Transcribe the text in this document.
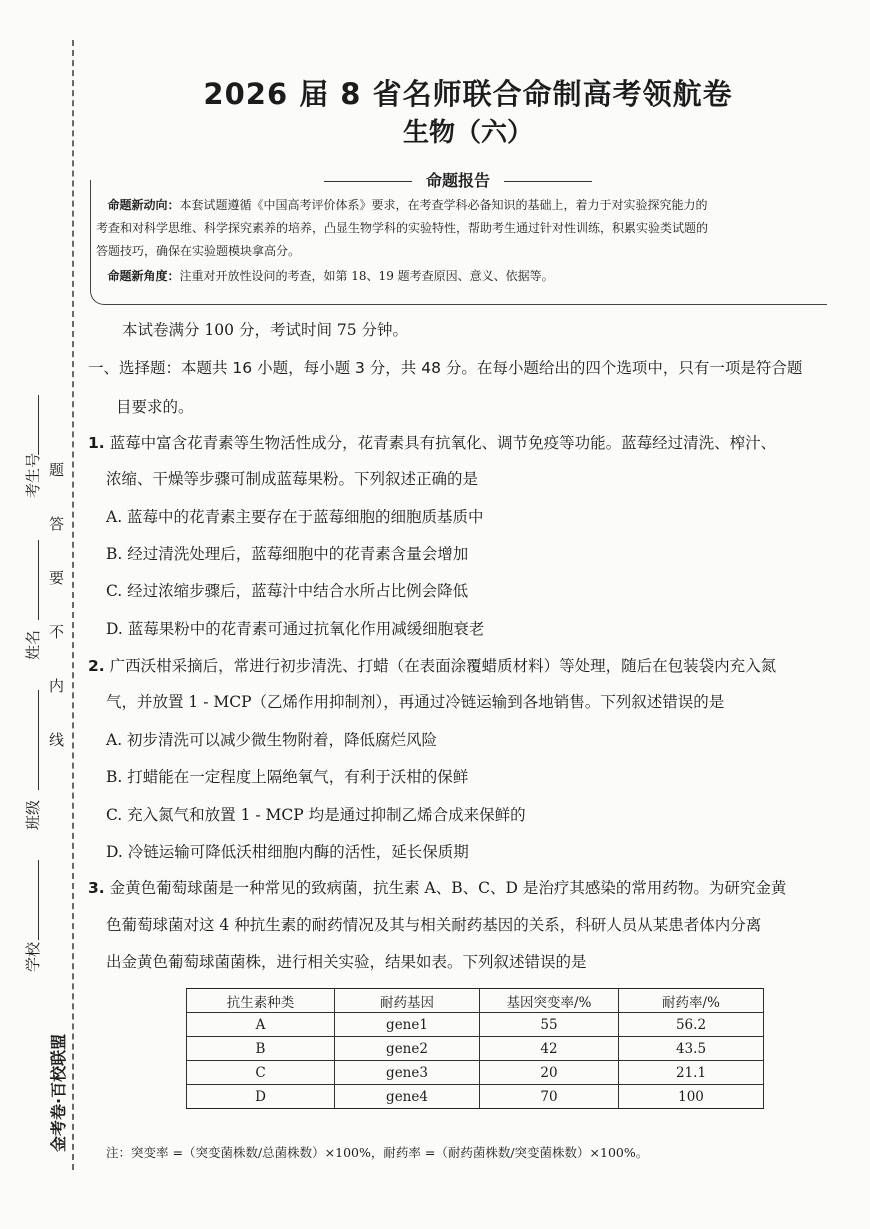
考生号
姓名
班级
学校
题答要不内线
金考卷·百校联盟
2026 届 8 省名师联合命制高考领航卷
生物（六）
命题报告
命题新动向：本套试题遵循《中国高考评价体系》要求，在考查学科必备知识的基础上，着力于对实验探究能力的
考查和对科学思维、科学探究素养的培养，凸显生物学科的实验特性，帮助考生通过针对性训练，积累实验类试题的
答题技巧，确保在实验题模块拿高分。
命题新角度：注重对开放性设问的考查，如第 18、19 题考查原因、意义、依据等。
本试卷满分 100 分，考试时间 75 分钟。
一、选择题：本题共 16 小题，每小题 3 分，共 48 分。在每小题给出的四个选项中，只有一项是符合题
目要求的。
1. 蓝莓中富含花青素等生物活性成分，花青素具有抗氧化、调节免疫等功能。蓝莓经过清洗、榨汁、
浓缩、干燥等步骤可制成蓝莓果粉。下列叙述正确的是
A. 蓝莓中的花青素主要存在于蓝莓细胞的细胞质基质中
B. 经过清洗处理后，蓝莓细胞中的花青素含量会增加
C. 经过浓缩步骤后，蓝莓汁中结合水所占比例会降低
D. 蓝莓果粉中的花青素可通过抗氧化作用减缓细胞衰老
2. 广西沃柑采摘后，常进行初步清洗、打蜡（在表面涂覆蜡质材料）等处理，随后在包装袋内充入氮
气，并放置 1 - MCP（乙烯作用抑制剂），再通过冷链运输到各地销售。下列叙述错误的是
A. 初步清洗可以减少微生物附着，降低腐烂风险
B. 打蜡能在一定程度上隔绝氧气，有利于沃柑的保鲜
C. 充入氮气和放置 1 - MCP 均是通过抑制乙烯合成来保鲜的
D. 冷链运输可降低沃柑细胞内酶的活性，延长保质期
3. 金黄色葡萄球菌是一种常见的致病菌，抗生素 A、B、C、D 是治疗其感染的常用药物。为研究金黄
色葡萄球菌对这 4 种抗生素的耐药情况及其与相关耐药基因的关系，科研人员从某患者体内分离
出金黄色葡萄球菌菌株，进行相关实验，结果如表。下列叙述错误的是
抗生素种类	耐药基因	基因突变率/%	耐药率/%
A	gene1	55	56.2
B	gene2	42	43.5
C	gene3	20	21.1
D	gene4	70	100
注：突变率 =（突变菌株数/总菌株数）×100%，耐药率 =（耐药菌株数/突变菌株数）×100%。
